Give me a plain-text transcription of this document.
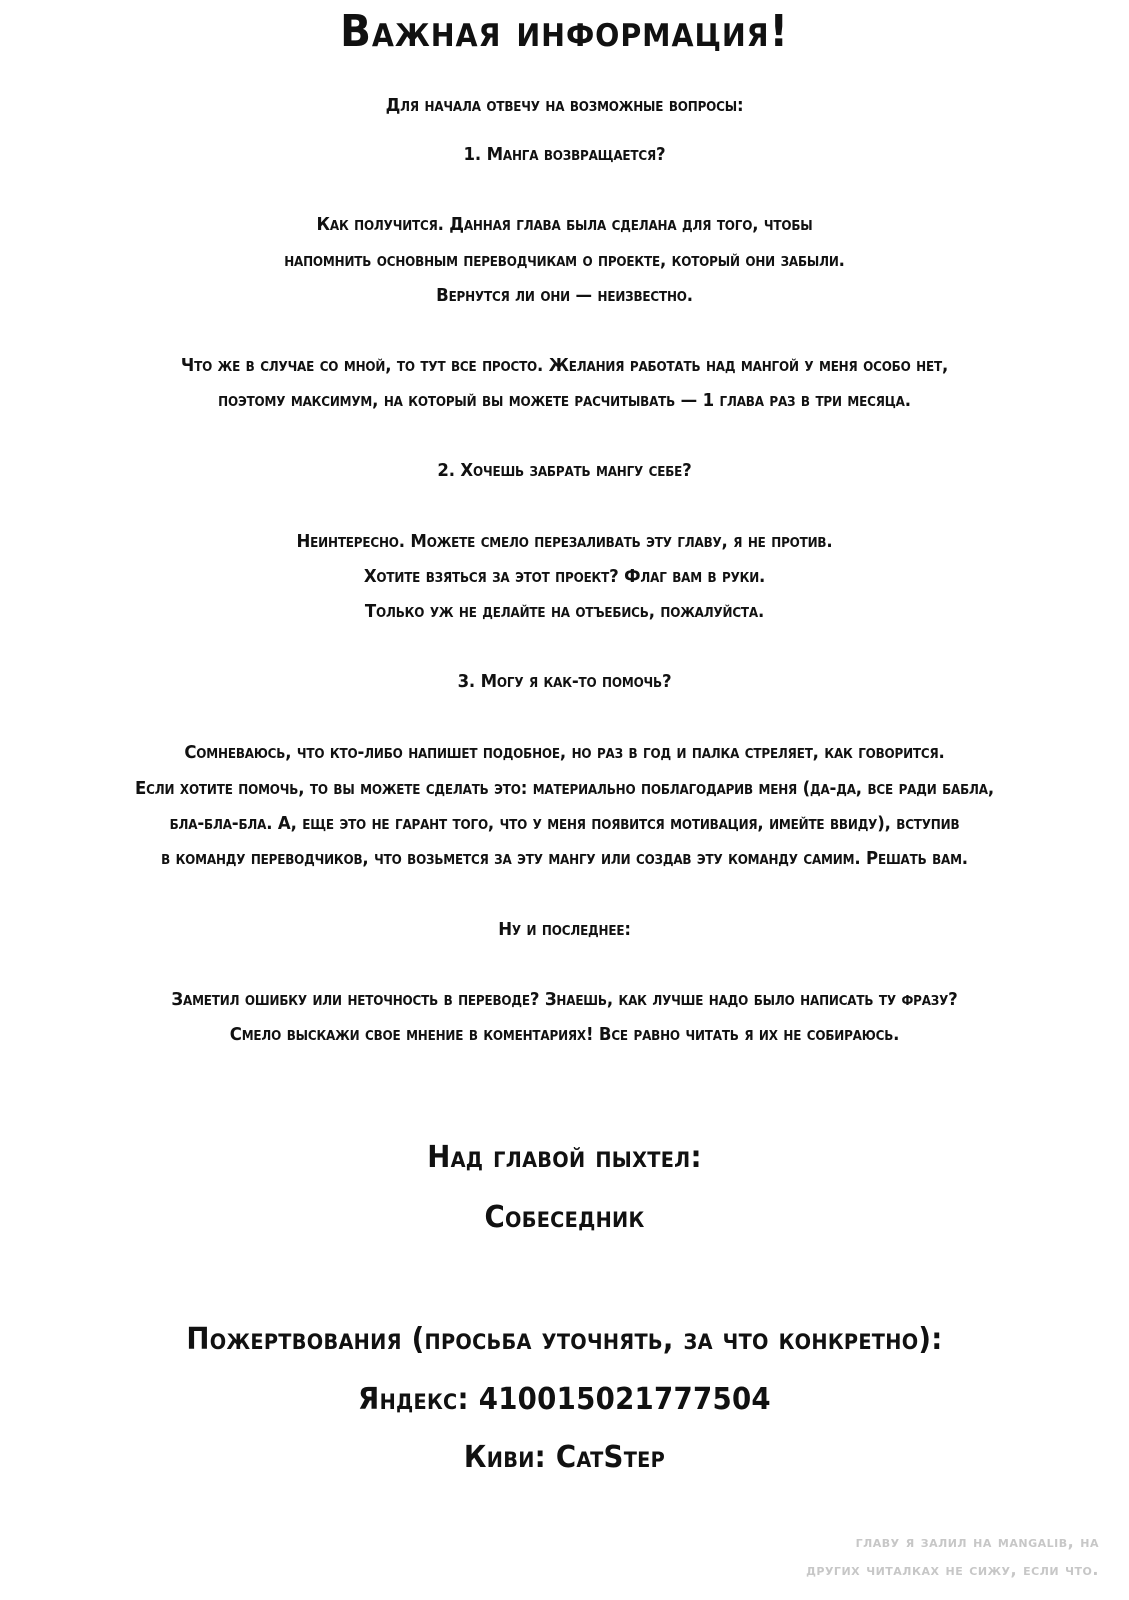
Важная информация!
Для начала отвечу на возможные вопросы:
1. Манга возвращается?
Как получится. Данная глава была сделана для того, чтобы
напомнить основным переводчикам о проекте, который они забыли.
Вернутся ли они — неизвестно.
Что же в случае со мной, то тут все просто. Желания работать над мангой у меня особо нет,
поэтому максимум, на который вы можете расчитывать — 1 глава раз в три месяца.
2. Хочешь забрать мангу себе?
Неинтересно. Можете смело перезаливать эту главу, я не против.
Хотите взяться за этот проект? Флаг вам в руки.
Только уж не делайте на отъебись, пожалуйста.
3. Могу я как-то помочь?
Сомневаюсь, что кто-либо напишет подобное, но раз в год и палка стреляет, как говорится.
Если хотите помочь, то вы можете сделать это: материально поблагодарив меня (да-да, все ради бабла,
бла-бла-бла. А, еще это не гарант того, что у меня появится мотивация, имейте ввиду), вступив
в команду переводчиков, что возьмется за эту мангу или создав эту команду самим. Решать вам.
Ну и последнее:
Заметил ошибку или неточность в переводе? Знаешь, как лучше надо было написать ту фразу?
Смело выскажи свое мнение в коментариях! Все равно читать я их не собираюсь.
Над главой пыхтел:
Собеседник
Пожертвования (просьба уточнять, за что конкретно):
Яндекс: 410015021777504
Киви: CatStep
главу я залил на mangalib, на
других читалках не сижу, если что.
